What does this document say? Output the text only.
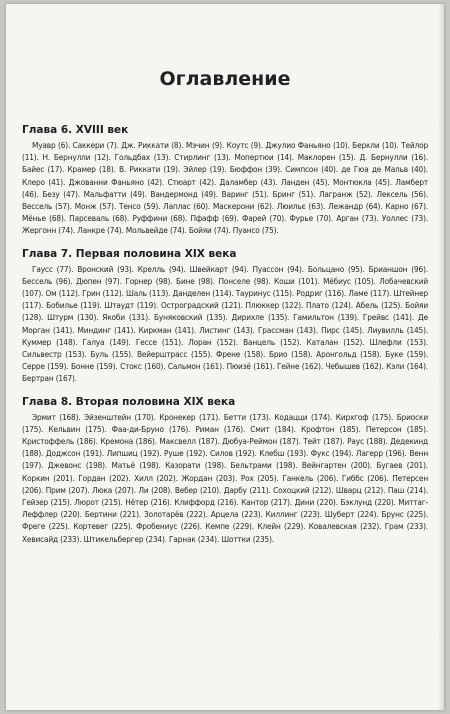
Оглавление
Глава 6. XVIII век

Муавр (6). Саккери (7). Дж. Риккати (8). Мэчин (9). Коутс (9). Джулио Фаньяно (10). Беркли (10). Тейлор (11). Н. Бернулли (12). Гольдбах (13). Стирлинг (13). Мопертюи (14). Маклорен (15). Д. Бернулли (16). Байес (17). Крамер (18). В. Риккати (19). Эйлер (19). Бюффон (39). Симпсон (40). де Гюа де Мальв (40). Клеро (41). Джованни Фаньяно (42). Стюарт (42). Даламбер (43). Ланден (45). Монтюкла (45). Ламберт (46). Безу (47). Мальфатти (49). Вандермонд (49). Варинг (51). Бринг (51). Лагранж (52). Лексель (56). Вессель (57). Монж (57). Тенсо (59). Лаплас (60). Маскерони (62). Люильє (63). Лежандр (64). Карно (67). Мёнье (68). Парсеваль (68). Руффини (68). Пфафф (69). Фарей (70). Фурье (70). Арган (73). Уоллес (73). Жергонн (74). Ланкре (74). Мольвейде (74). Бойяи (74). Пуансо (75).

Глава 7. Первая половина XIX века

Гаусс (77). Вронский (93). Крелль (94). Швейкарт (94). Пуассон (94). Больцано (95). Брианшон (96). Бессель (96). Дюпен (97). Горнер (98). Бине (98). Понселе (98). Коши (101). Мёбиус (105). Лобачевский (107). Ом (112). Грин (112). Шаль (113). Данделен (114). Тауринус (115). Родриг (116). Ламе (117). Штейнер (117). Бобилье (119). Штаудт (119). Остроградский (121). Плюккер (122). Плато (124). Абель (125). Бойяи (128). Штурм (130). Якоби (131). Буняковский (135). Дирихле (135). Гамильтон (139). Грейвс (141). Де Морган (141). Миндинг (141). Киркман (141). Листинг (143). Грассман (143). Пирс (145). Лиувилль (145). Куммер (148). Галуа (149). Гессе (151). Лоран (152). Ванцель (152). Каталан (152). Шлефли (153). Сильвестр (153). Буль (155). Вейерштрасс (155). Френе (158). Брио (158). Аронгольд (158). Буке (159). Серре (159). Бонне (159). Стокс (160). Сальмон (161). Пюизё (161). Гейне (162). Чебышев (162). Кэли (164). Бертран (167).

Глава 8. Вторая половина XIX века

Эрмит (168). Эйзенштейн (170). Кронекер (171). Бетти (173). Кодацци (174). Кирхгоф (175). Бриоски (175). Кельвин (175). Фаа-ди-Бруно (176). Риман (176). Смит (184). Крофтон (185). Петерсон (185). Кристоффель (186). Кремона (186). Максвелл (187). Дюбуа-Реймон (187). Тейт (187). Раус (188). Дедекинд (188). Доджсон (191). Липшиц (192). Руше (192). Силов (192). Клебш (193). Фукс (194). Лагерр (196). Венн (197). Джевонс (198). Матьё (198). Казорати (198). Бельтрами (198). Вейнгартен (200). Бугаев (201). Коркин (201). Гордан (202). Хилл (202). Жордан (203). Рох (205). Ганкель (206). Гиббс (206). Петерсен (206). Прим (207). Люка (207). Ли (208). Вебер (210). Дарбу (211). Сохоцкий (212). Шварц (212). Паш (214). Гейзер (215). Люрот (215). Нётер (216). Клиффорд (216). Кантор (217). Дини (220). Бэклунд (220). Миттаг-Леффлер (220). Бертини (221). Золотарёв (222). Арцела (223). Киллинг (223). Шуберт (224). Брунс (225). Фреге (225). Кортевег (225). Фробениус (226). Кемпе (229). Клейн (229). Ковалевская (232). Грам (233). Хевисайд (233). Штикельбергер (234). Гарнак (234). Шоттки (235).
